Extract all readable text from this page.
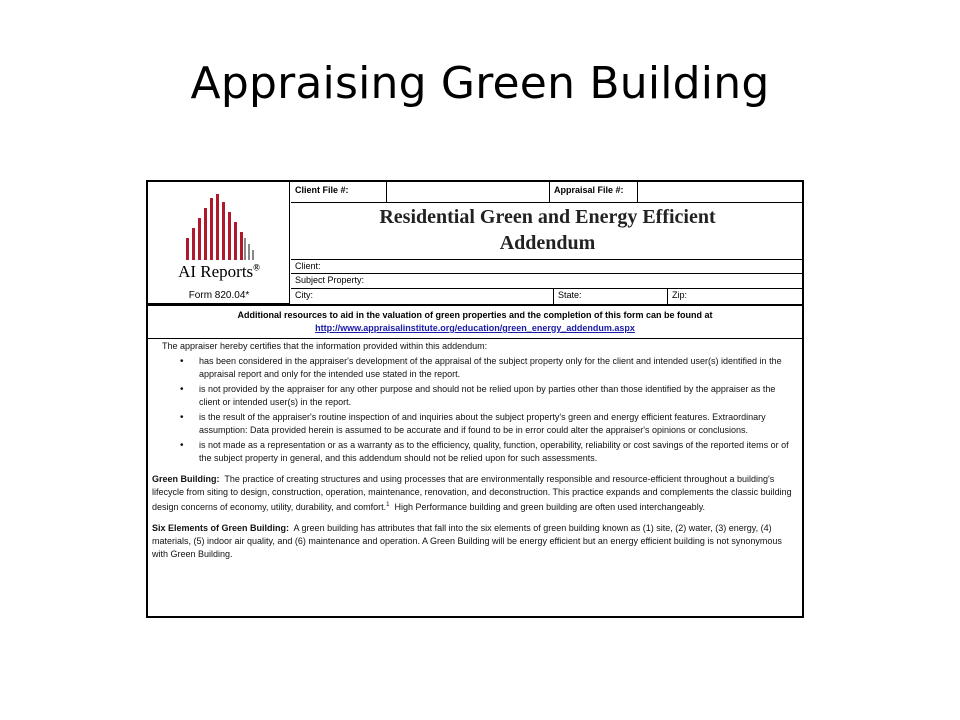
Appraising Green Building
AI Reports®
Form 820.04*
Client File #:	Appraisal File #:
Residential Green and Energy Efficient
Addendum
Client:
Subject Property:
City:	State:	Zip:
Additional resources to aid in the valuation of green properties and the completion of this form can be found at
http://www.appraisalinstitute.org/education/green_energy_addendum.aspx

The appraiser hereby certifies that the information provided within this addendum:

• has been considered in the appraiser's development of the appraisal of the subject property only for the client and intended user(s) identified in the appraisal report and only for the intended use stated in the report.
• is not provided by the appraiser for any other purpose and should not be relied upon by parties other than those identified by the appraiser as the client or intended user(s) in the report.
• is the result of the appraiser's routine inspection of and inquiries about the subject property's green and energy efficient features. Extraordinary assumption: Data provided herein is assumed to be accurate and if found to be in error could alter the appraiser's opinions or conclusions.
• is not made as a representation or as a warranty as to the efficiency, quality, function, operability, reliability or cost savings of the reported items or of the subject property in general, and this addendum should not be relied upon for such assessments.

Green Building: The practice of creating structures and using processes that are environmentally responsible and resource-efficient throughout a building's lifecycle from siting to design, construction, operation, maintenance, renovation, and deconstruction. This practice expands and complements the classic building design concerns of economy, utility, durability, and comfort.$^1$ High Performance building and green building are often used interchangeably.

Six Elements of Green Building: A green building has attributes that fall into the six elements of green building known as (1) site, (2) water, (3) energy, (4) materials, (5) indoor air quality, and (6) maintenance and operation. A Green Building will be energy efficient but an energy efficient building is not synonymous with Green Building.
